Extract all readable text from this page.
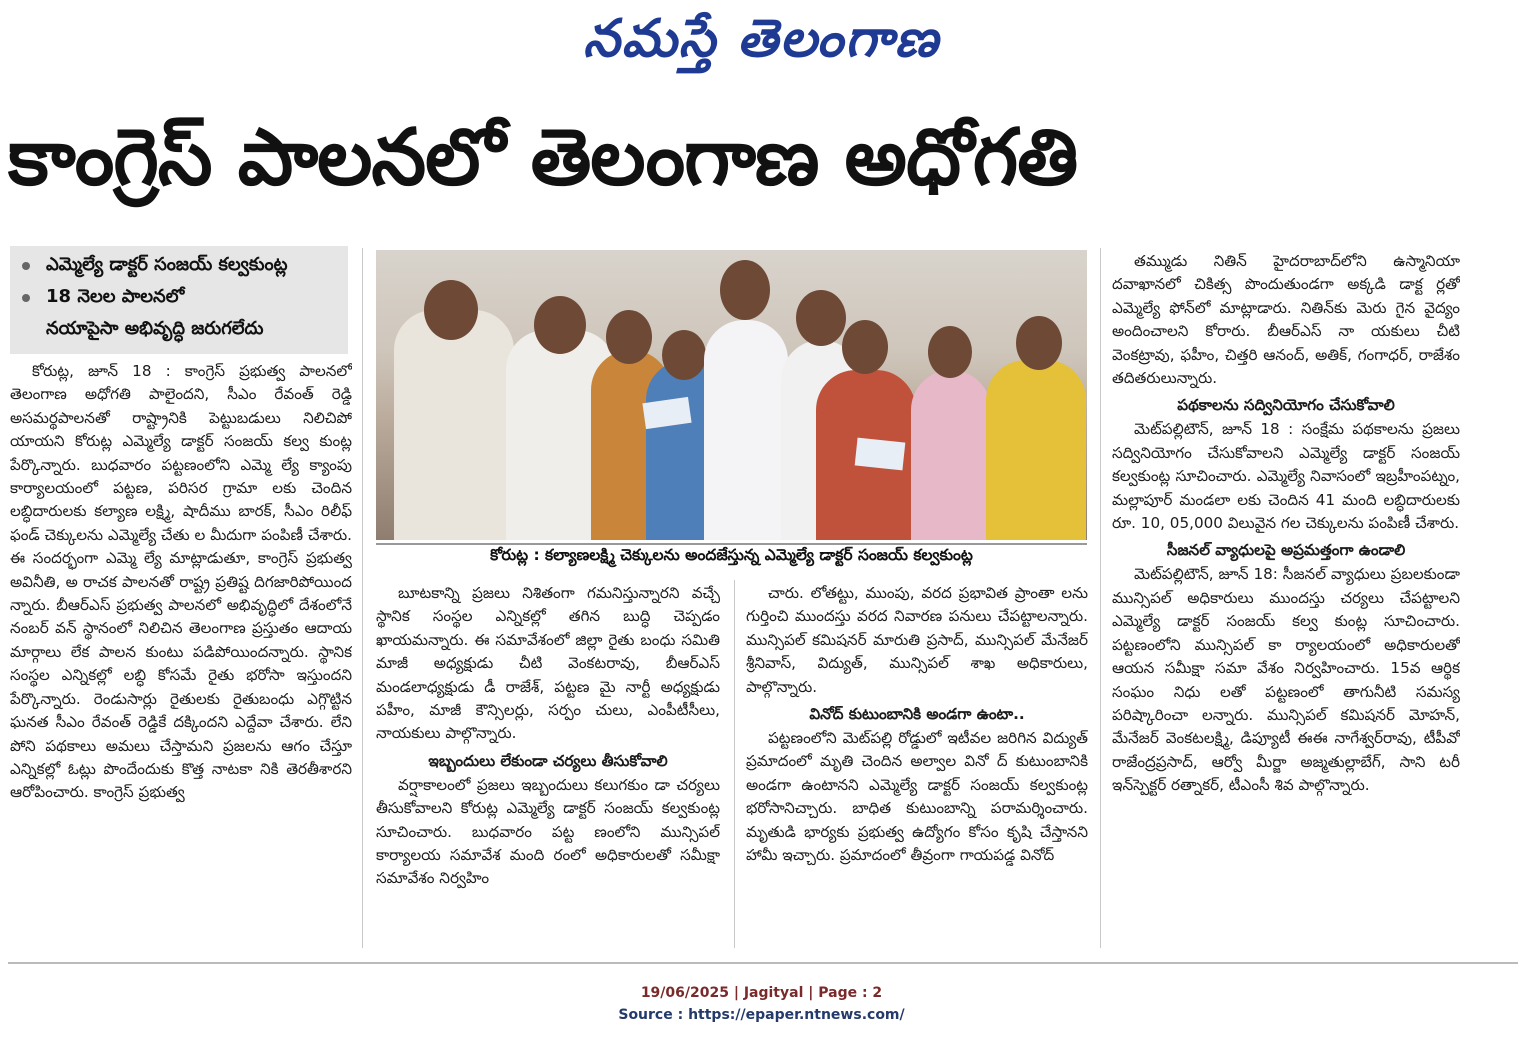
నమస్తే తెలంగాణ
కాంగ్రెస్ పాలనలో తెలంగాణ అధోగతి
ఎమ్మెల్యే డాక్టర్ సంజయ్ కల్వకుంట్ల
18 నెలల పాలనలో
నయాపైసా అభివృద్ధి జరుగలేదు

కోరుట్ల, జూన్ 18 : కాంగ్రెస్ ప్రభుత్వ పాలనలో తెలంగాణ అధోగతి పాలైందని, సీఎం రేవంత్ రెడ్డి అసమర్థపాలనతో రాష్ట్రానికి పెట్టుబడులు నిలిచిపో యాయని కోరుట్ల ఎమ్మెల్యే డాక్టర్ సంజయ్ కల్వ కుంట్ల పేర్కొన్నారు. బుధవారం పట్టణంలోని ఎమ్మె ల్యే క్యాంపు కార్యాలయంలో పట్టణ, పరిసర గ్రామా లకు చెందిన లబ్ధిదారులకు కల్యాణ లక్ష్మి, షాదీము బారక్, సీఎం రిలీఫ్ ఫండ్ చెక్కులను ఎమ్మెల్యే చేతు ల మీదుగా పంపిణీ చేశారు. ఈ సందర్భంగా ఎమ్మె ల్యే మాట్లాడుతూ, కాంగ్రెస్ ప్రభుత్వ అవినీతి, అ రాచక పాలనతో రాష్ట్ర ప్రతిష్ట దిగజారిపోయింద న్నారు. బీఆర్ఎస్ ప్రభుత్వ పాలనలో అభివృద్ధిలో దేశంలోనే నంబర్ వన్ స్థానంలో నిలిచిన తెలంగాణ ప్రస్తుతం ఆదాయ మార్గాలు లేక పాలన కుంటు పడిపోయిందన్నారు. స్థానిక సంస్థల ఎన్నికల్లో లబ్ధి కోసమే రైతు భరోసా ఇస్తుందని పేర్కొన్నారు. రెండుసార్లు రైతులకు రైతుబంధు ఎగ్గొట్టిన ఘనత సీఎం రేవంత్ రెడ్డికే దక్కిందని ఎద్దేవా చేశారు. లేని పోని పథకాలు అమలు చేస్తామని ప్రజలను ఆగం చేస్తూ ఎన్నికల్లో ఓట్లు పొందేందుకు కొత్త నాటకా నికి తెరతీశారని ఆరోపించారు. కాంగ్రెస్ ప్రభుత్వ

కోరుట్ల : కల్యాణలక్ష్మి చెక్కులను అందజేస్తున్న ఎమ్మెల్యే డాక్టర్ సంజయ్ కల్వకుంట్ల

బూటకాన్ని ప్రజలు నిశితంగా గమనిస్తున్నారని వచ్చే స్థానిక సంస్థల ఎన్నికల్లో తగిన బుద్ధి చెప్పడం ఖాయమన్నారు. ఈ సమావేశంలో జిల్లా రైతు బంధు సమితి మాజీ అధ్యక్షుడు చీటి వెంకటరావు, బీఆర్ఎస్ మండలాధ్యక్షుడు డీ రాజేశ్, పట్టణ మై నార్టీ అధ్యక్షుడు పహీం, మాజీ కౌన్సిలర్లు, సర్పం చులు, ఎంపీటీసీలు, నాయకులు పాల్గొన్నారు.

ఇబ్బందులు లేకుండా చర్యలు తీసుకోవాలి

వర్షాకాలంలో ప్రజలు ఇబ్బందులు కలుగకుం డా చర్యలు తీసుకోవాలని కోరుట్ల ఎమ్మెల్యే డాక్టర్ సంజయ్ కల్వకుంట్ల సూచించారు. బుధవారం పట్ట ణంలోని మున్సిపల్ కార్యాలయ సమావేశ మంది రంలో అధికారులతో సమీక్షా సమావేశం నిర్వహిం

చారు. లోతట్టు, ముంపు, వరద ప్రభావిత ప్రాంతా లను గుర్తించి ముందస్తు వరద నివారణ పనులు చేపట్టాలన్నారు. మున్సిపల్ కమిషనర్ మారుతి ప్రసాద్, మున్సిపల్ మేనేజర్ శ్రీనివాస్, విద్యుత్, మున్సిపల్ శాఖ అధికారులు, పాల్గొన్నారు.

వినోద్ కుటుంబానికి అండగా ఉంటా..

పట్టణంలోని మెట్‌పల్లి రోడ్డులో ఇటీవల జరిగిన విద్యుత్ ప్రమాదంలో మృతి చెందిన అల్వాల వినో ద్ కుటుంబానికి అండగా ఉంటానని ఎమ్మెల్యే డాక్టర్ సంజయ్ కల్వకుంట్ల భరోసానిచ్చారు. బాధిత కుటుంబాన్ని పరామర్శించారు. మృతుడి భార్యకు ప్రభుత్వ ఉద్యోగం కోసం కృషి చేస్తానని హామీ ఇచ్చారు. ప్రమాదంలో తీవ్రంగా గాయపడ్డ వినోద్

తమ్ముడు నితిన్ హైదరాబాద్‌లోని ఉస్మానియా దవాఖానలో చికిత్స పొందుతుండగా అక్కడి డాక్ట ర్లతో ఎమ్మెల్యే ఫోన్‌లో మాట్లాడారు. నితిన్‌కు మెరు గైన వైద్యం అందించాలని కోరారు. బీఆర్ఎస్ నా యకులు చీటి వెంకట్రావు, ఫహీం, చిత్తరి ఆనంద్, అతిక్, గంగాధర్, రాజేశం తదితరులున్నారు.

పథకాలను సద్వినియోగం చేసుకోవాలి

మెట్‌పల్లిటౌన్, జూన్ 18 : సంక్షేమ పథకాలను ప్రజలు సద్వినియోగం చేసుకోవాలని ఎమ్మెల్యే డాక్టర్ సంజయ్ కల్వకుంట్ల సూచించారు. ఎమ్మెల్యే నివాసంలో ఇబ్రహీంపట్నం, మల్లాపూర్ మండలా లకు చెందిన 41 మంది లబ్ధిదారులకు రూ. 10, 05,000 విలువైన గల చెక్కులను పంపిణీ చేశారు.

సీజనల్ వ్యాధులపై అప్రమత్తంగా ఉండాలి

మెట్‌పల్లిటౌన్, జూన్ 18: సీజనల్ వ్యాధులు ప్రబలకుండా మున్సిపల్ అధికారులు ముందస్తు చర్యలు చేపట్టాలని ఎమ్మెల్యే డాక్టర్ సంజయ్ కల్వ కుంట్ల సూచించారు. పట్టణంలోని మున్సిపల్ కా ర్యాలయంలో అధికారులతో ఆయన సమీక్షా సమా వేశం నిర్వహించారు. 15వ ఆర్థిక సంఘం నిధు లతో పట్టణంలో తాగునీటి సమస్య పరిష్కారించా లన్నారు. మున్సిపల్ కమిషనర్ మోహన్, మేనేజర్ వెంకటలక్ష్మి, డిప్యూటీ ఈఈ నాగేశ్వర్‌రావు, టీపీవో రాజేంద్రప్రసాద్, ఆర్వో మీర్జా అజ్మతుల్లాబేగ్, సాని టరీ ఇన్‌స్పెక్టర్ రత్నాకర్, టీఎంసీ శివ పాల్గొన్నారు.

19/06/2025 | Jagityal | Page : 2
Source : https://epaper.ntnews.com/
